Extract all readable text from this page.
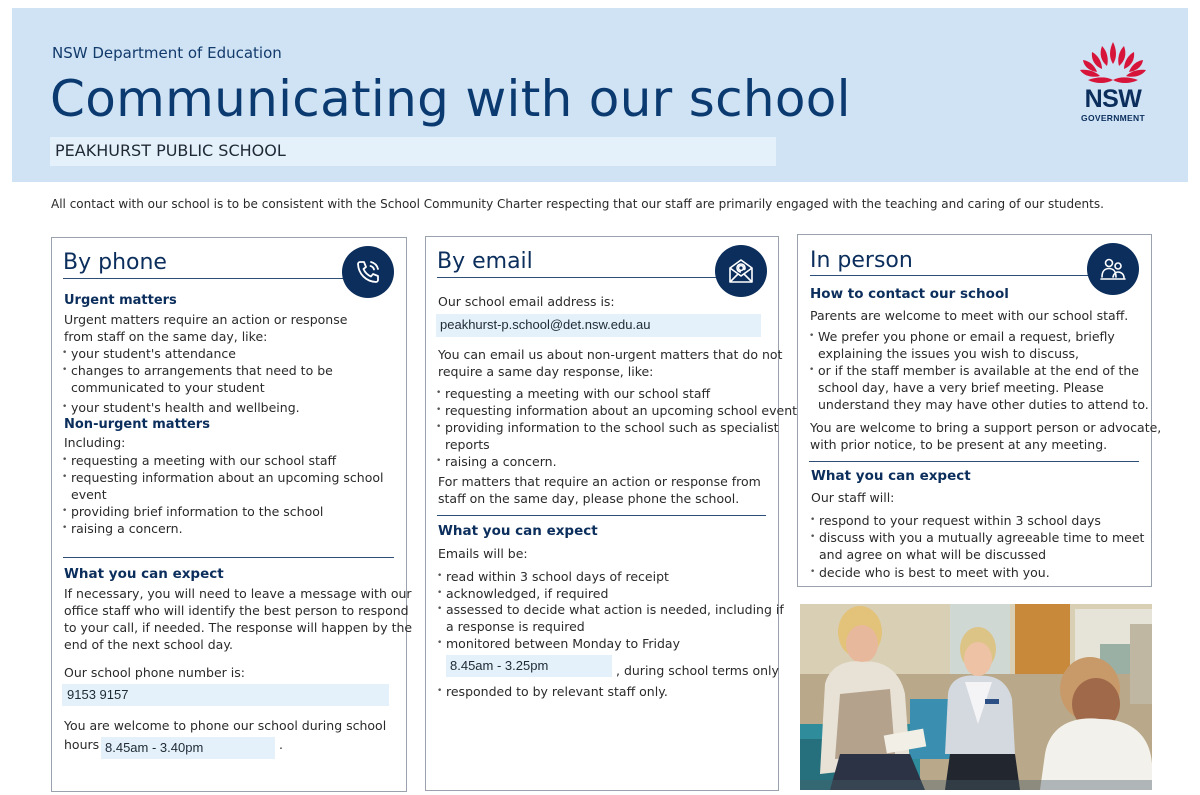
NSW Department of Education
Communicating with our school
PEAKHURST PUBLIC SCHOOL
NSW
GOVERNMENT
All contact with our school is to be consistent with the School Community Charter respecting that our staff are primarily engaged with the teaching and caring of our students.
By phone
Urgent matters
Urgent matters require an action or response
from staff on the same day, like:
• your student's attendance
• changes to arrangements that need to be
communicated to your student
• your student's health and wellbeing.
Non-urgent matters
Including:
• requesting a meeting with our school staff
• requesting information about an upcoming school
event
• providing brief information to the school
• raising a concern.
What you can expect
If necessary, you will need to leave a message with our
office staff who will identify the best person to respond
to your call, if needed. The response will happen by the
end of the next school day.
Our school phone number is:
9153 9157
You are welcome to phone our school during school
hours 8.45am - 3.40pm	.
By email
Our school email address is:
peakhurst-p.school@det.nsw.edu.au
You can email us about non-urgent matters that do not
require a same day response, like:
• requesting a meeting with our school staff
• requesting information about an upcoming school event
• providing information to the school such as specialist
reports
• raising a concern.
For matters that require an action or response from
staff on the same day, please phone the school.
What you can expect
Emails will be:
• read within 3 school days of receipt
• acknowledged, if required
• assessed to decide what action is needed, including if
a response is required
• monitored between Monday to Friday
8.45am - 3.25pm	, during school terms only
• responded to by relevant staff only.
In person
How to contact our school
Parents are welcome to meet with our school staff.
• We prefer you phone or email a request, briefly
explaining the issues you wish to discuss,
• or if the staff member is available at the end of the
school day, have a very brief meeting. Please
understand they may have other duties to attend to.
You are welcome to bring a support person or advocate,
with prior notice, to be present at any meeting.
What you can expect
Our staff will:
• respond to your request within 3 school days
• discuss with you a mutually agreeable time to meet
and agree on what will be discussed
• decide who is best to meet with you.
